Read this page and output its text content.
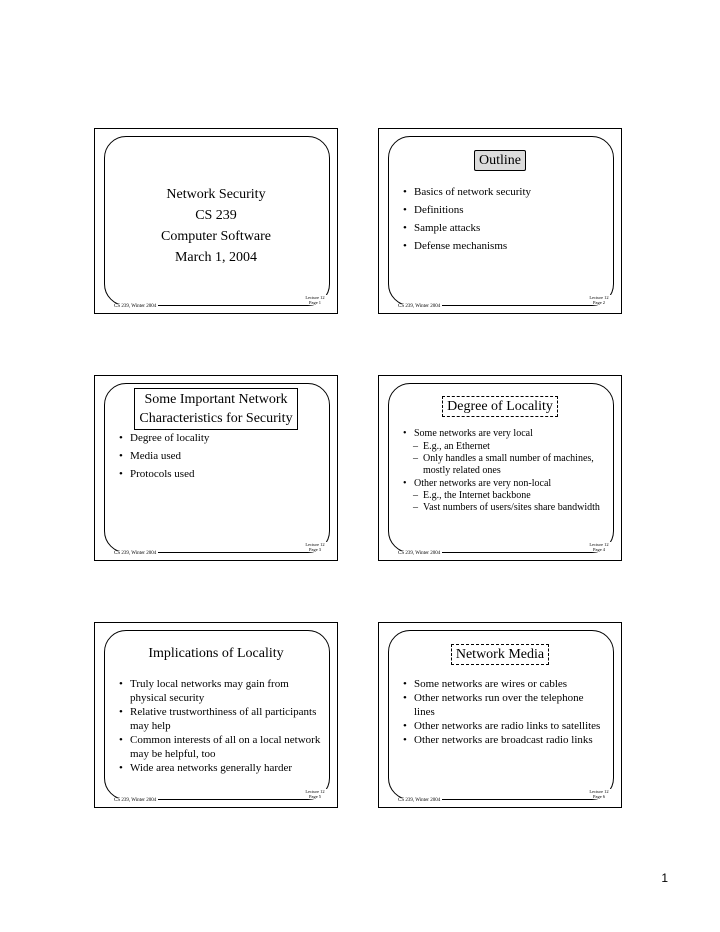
Network Security
CS 239
Computer Software
March 1, 2004
Lecture 12
Page 1
CS 239, Winter 2004
Outline
• Basics of network security
• Definitions
• Sample attacks
• Defense mechanisms
Lecture 12
Page 2
CS 239, Winter 2004
Some Important Network
Characteristics for Security
• Degree of locality
• Media used
• Protocols used
Lecture 12
Page 3
CS 239, Winter 2004
Degree of Locality
• Some networks are very local
– E.g., an Ethernet
– Only handles a small number of machines, mostly related ones
• Other networks are very non-local
– E.g., the Internet backbone
– Vast numbers of users/sites share bandwidth
Lecture 12
Page 4
CS 239, Winter 2004
Implications of Locality
• Truly local networks may gain from physical security
• Relative trustworthiness of all participants may help
• Common interests of all on a local network may be helpful, too
• Wide area networks generally harder
Lecture 12
Page 5
CS 239, Winter 2004
Network Media
• Some networks are wires or cables
• Other networks run over the telephone lines
• Other networks are radio links to satellites
• Other networks are broadcast radio links
Lecture 12
Page 6
CS 239, Winter 2004
1
